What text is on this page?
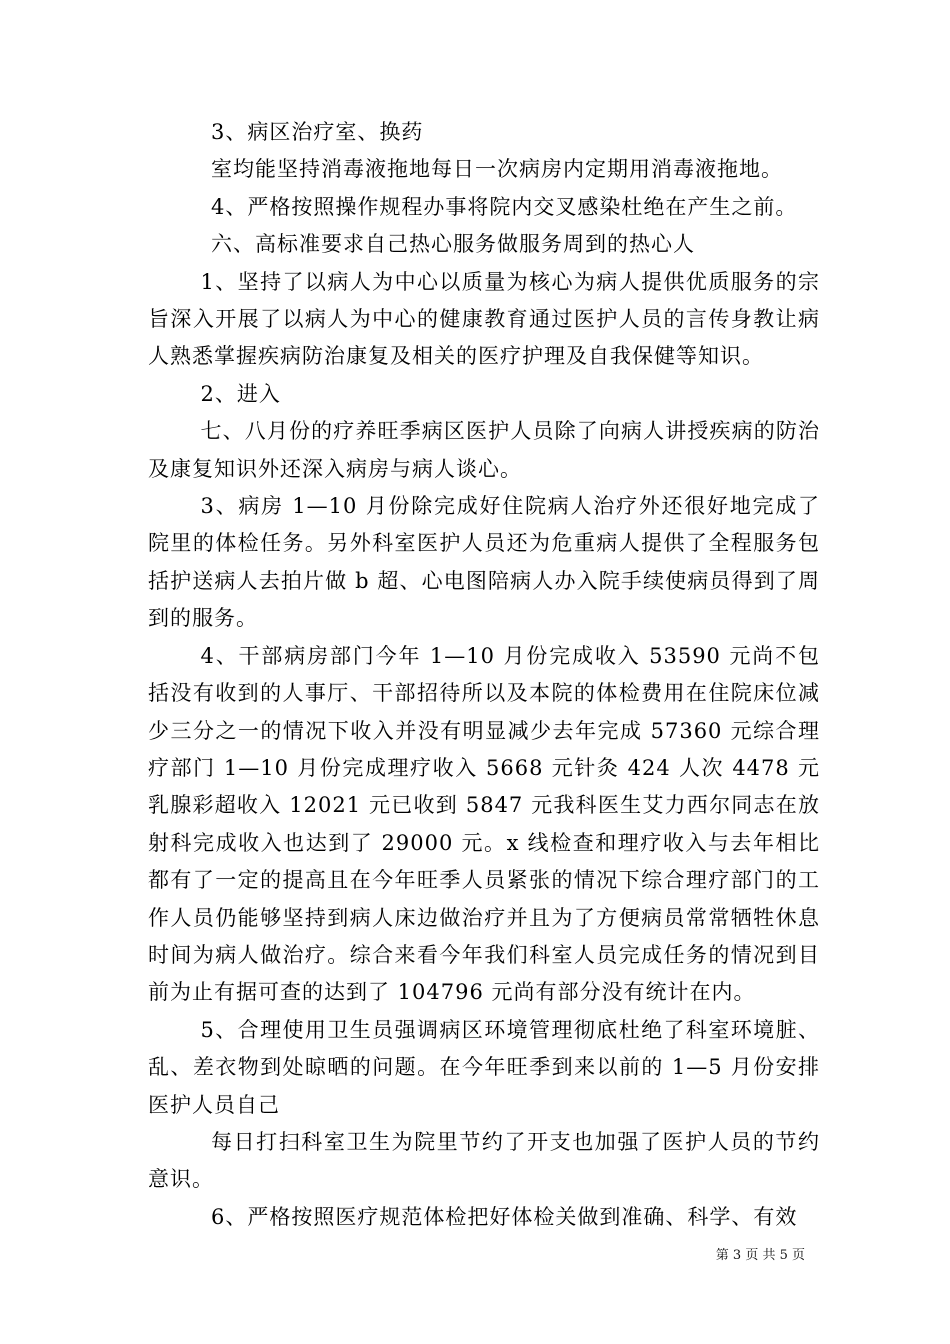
3、病区治疗室、换药

室均能坚持消毒液拖地每日一次病房内定期用消毒液拖地。

4、严格按照操作规程办事将院内交叉感染杜绝在产生之前。

六、高标准要求自己热心服务做服务周到的热心人

1、坚持了以病人为中心以质量为核心为病人提供优质服务的宗旨深入开展了以病人为中心的健康教育通过医护人员的言传身教让病人熟悉掌握疾病防治康复及相关的医疗护理及自我保健等知识。

2、进入

七、八月份的疗养旺季病区医护人员除了向病人讲授疾病的防治及康复知识外还深入病房与病人谈心。

3、病房 1—10 月份除完成好住院病人治疗外还很好地完成了院里的体检任务。另外科室医护人员还为危重病人提供了全程服务包括护送病人去拍片做 b 超、心电图陪病人办入院手续使病员得到了周到的服务。

4、干部病房部门今年 1—10 月份完成收入 53590 元尚不包括没有收到的人事厅、干部招待所以及本院的体检费用在住院床位减少三分之一的情况下收入并没有明显减少去年完成 57360 元综合理疗部门 1—10 月份完成理疗收入 5668 元针灸 424 人次 4478 元乳腺彩超收入 12021 元已收到 5847 元我科医生艾力西尔同志在放射科完成收入也达到了 29000 元。x 线检查和理疗收入与去年相比都有了一定的提高且在今年旺季人员紧张的情况下综合理疗部门的工作人员仍能够坚持到病人床边做治疗并且为了方便病员常常牺牲休息时间为病人做治疗。综合来看今年我们科室人员完成任务的情况到目前为止有据可查的达到了 104796 元尚有部分没有统计在内。

5、合理使用卫生员强调病区环境管理彻底杜绝了科室环境脏、乱、差衣物到处晾晒的问题。在今年旺季到来以前的 1—5 月份安排医护人员自己

每日打扫科室卫生为院里节约了开支也加强了医护人员的节约意识。

6、严格按照医疗规范体检把好体检关做到准确、科学、有效

第 3 页 共 5 页
